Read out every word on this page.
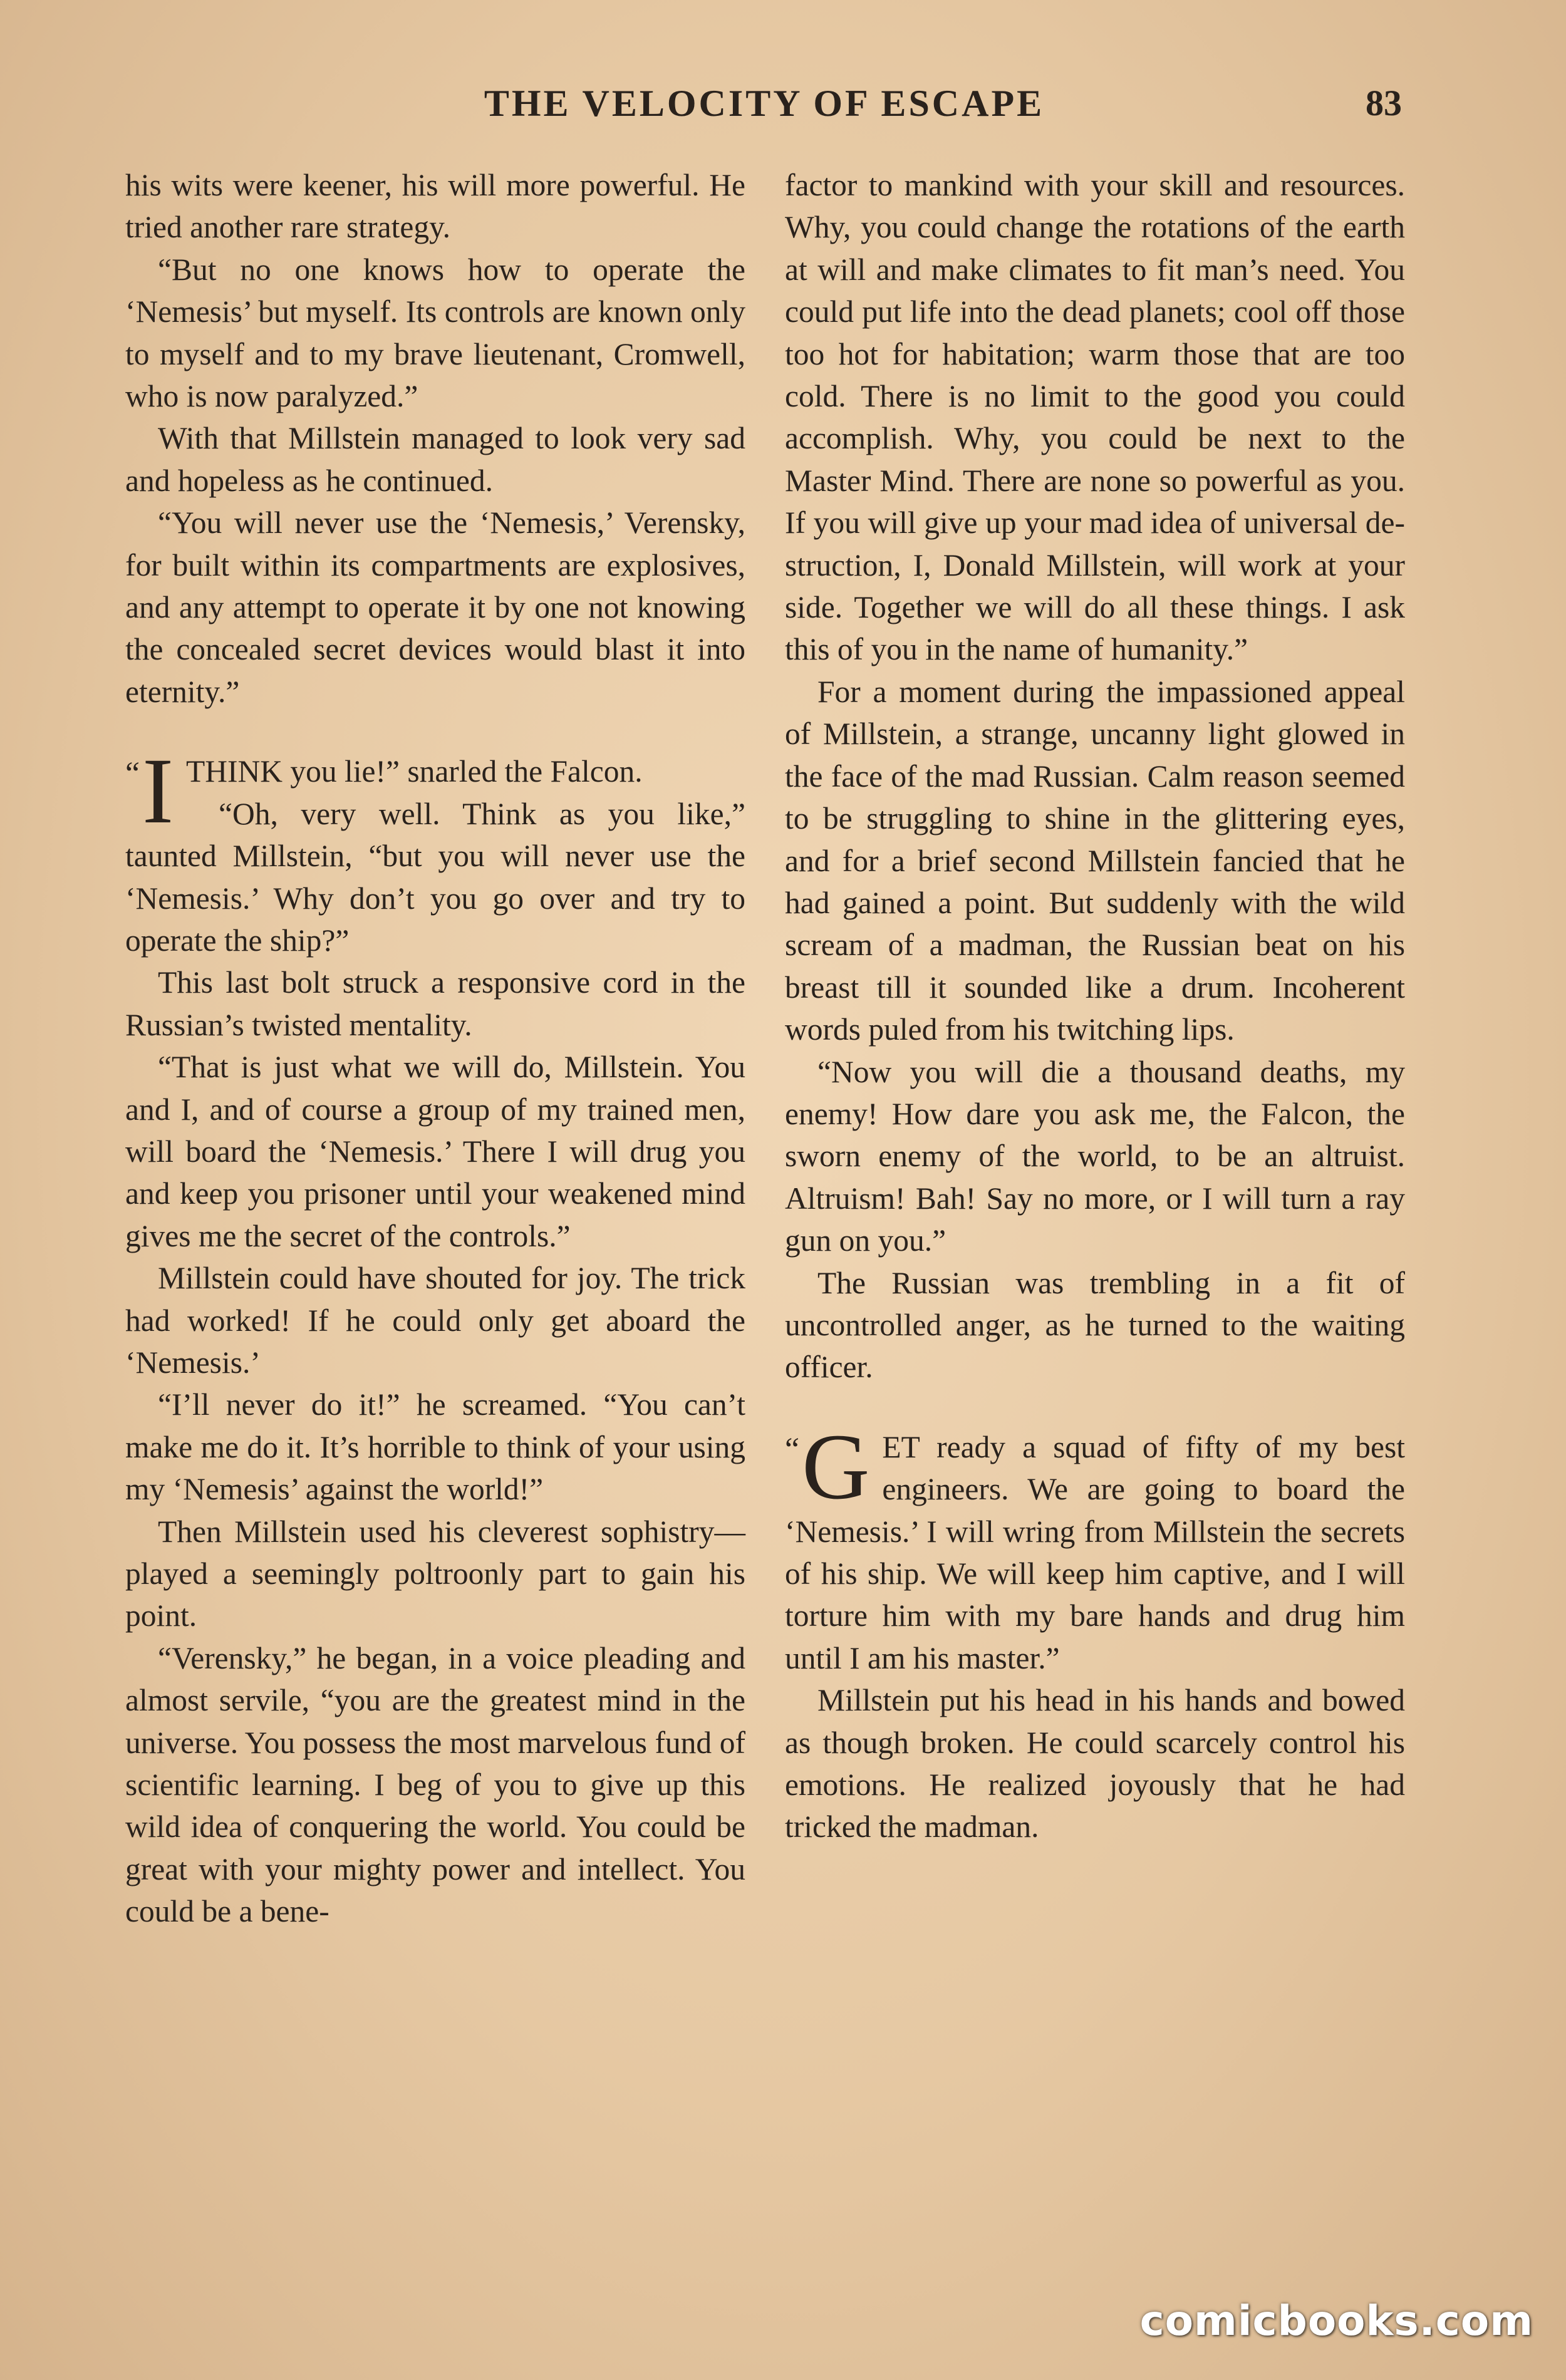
THE VELOCITY OF ESCAPE	83

his wits were keener, his will more powerful. He tried another rare strategy.

“But no one knows how to operate the ‘Nemesis’ but myself. Its controls are known only to myself and to my brave lieutenant, Cromwell, who is now paralyzed.”

With that Millstein managed to look very sad and hopeless as he continued.

“You will never use the ‘Nemesis,’ Verensky, for built within its compartments are explosives, and any attempt to operate it by one not knowing the concealed secret devices would blast it into eternity.”

“ I THINK you lie!” snarled the Falcon.

“Oh, very well. Think as you like,” taunted Millstein, “but you will never use the ‘Nemesis.’ Why don’t you go over and try to operate the ship?”

This last bolt struck a responsive cord in the Russian’s twisted mentality.

“That is just what we will do, Millstein. You and I, and of course a group of my trained men, will board the ‘Nemesis.’ There I will drug you and keep you prisoner until your weakened mind gives me the secret of the controls.”

Millstein could have shouted for joy. The trick had worked! If he could only get aboard the ‘Nemesis.’

“I’ll never do it!” he screamed. “You can’t make me do it. It’s horrible to think of your using my ‘Nemesis’ against the world!”

Then Millstein used his cleverest sophistry—played a seemingly poltroonly part to gain his point.

“Verensky,” he began, in a voice pleading and almost servile, “you are the greatest mind in the universe. You possess the most marvelous fund of scientific learning. I beg of you to give up this wild idea of conquering the world. You could be great with your mighty power and intellect. You could be a bene-

factor to mankind with your skill and resources. Why, you could change the rotations of the earth at will and make climates to fit man’s need. You could put life into the dead planets; cool off those too hot for habitation; warm those that are too cold. There is no limit to the good you could accomplish. Why, you could be next to the Master Mind. There are none so powerful as you. If you will give up your mad idea of universal destruction, I, Donald Millstein, will work at your side. Together we will do all these things. I ask this of you in the name of humanity.”

For a moment during the impassioned appeal of Millstein, a strange, uncanny light glowed in the face of the mad Russian. Calm reason seemed to be struggling to shine in the glittering eyes, and for a brief second Millstein fancied that he had gained a point. But suddenly with the wild scream of a madman, the Russian beat on his breast till it sounded like a drum. Incoherent words puled from his twitching lips.

“Now you will die a thousand deaths, my enemy! How dare you ask me, the Falcon, the sworn enemy of the world, to be an altruist. Altruism! Bah! Say no more, or I will turn a ray gun on you.”

The Russian was trembling in a fit of uncontrolled anger, as he turned to the waiting officer.

“ G ET ready a squad of fifty of my best engineers. We are going to board the ‘Nemesis.’ I will wring from Millstein the secrets of his ship. We will keep him captive, and I will torture him with my bare hands and drug him until I am his master.”

Millstein put his head in his hands and bowed as though broken. He could scarcely control his emotions. He realized joyously that he had tricked the madman.

comicbooks.com
